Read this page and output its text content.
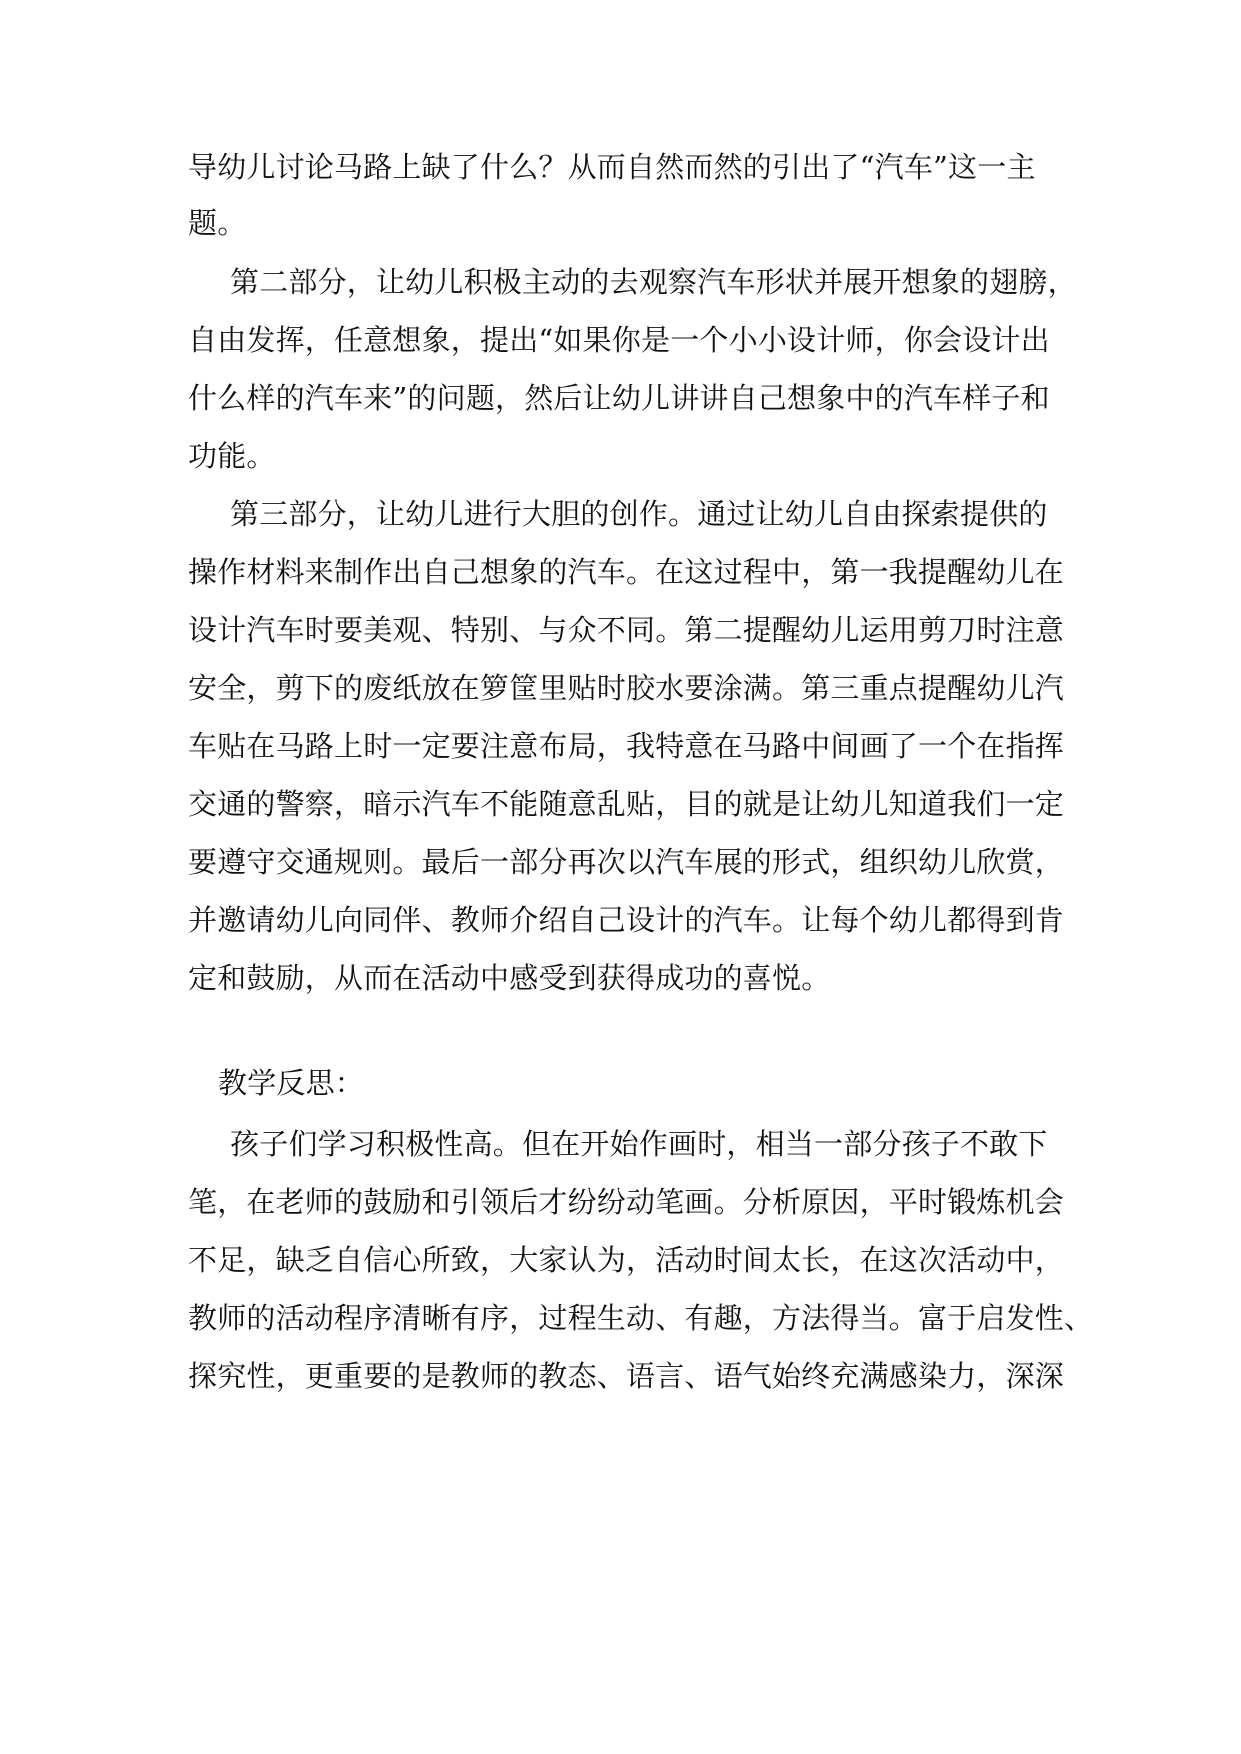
导幼儿讨论马路上缺了什么？从而自然而然的引出了“汽车”这一主
题。
第二部分，让幼儿积极主动的去观察汽车形状并展开想象的翅膀，
自由发挥，任意想象，提出“如果你是一个小小设计师，你会设计出
什么样的汽车来”的问题，然后让幼儿讲讲自己想象中的汽车样子和
功能。
第三部分，让幼儿进行大胆的创作。通过让幼儿自由探索提供的
操作材料来制作出自己想象的汽车。在这过程中，第一我提醒幼儿在
设计汽车时要美观、特别、与众不同。第二提醒幼儿运用剪刀时注意
安全，剪下的废纸放在箩筐里贴时胶水要涂满。第三重点提醒幼儿汽
车贴在马路上时一定要注意布局，我特意在马路中间画了一个在指挥
交通的警察，暗示汽车不能随意乱贴，目的就是让幼儿知道我们一定
要遵守交通规则。最后一部分再次以汽车展的形式，组织幼儿欣赏，
并邀请幼儿向同伴、教师介绍自己设计的汽车。让每个幼儿都得到肯
定和鼓励，从而在活动中感受到获得成功的喜悦。
教学反思：
孩子们学习积极性高。但在开始作画时，相当一部分孩子不敢下
笔，在老师的鼓励和引领后才纷纷动笔画。分析原因，平时锻炼机会
不足，缺乏自信心所致，大家认为，活动时间太长，在这次活动中，
教师的活动程序清晰有序，过程生动、有趣，方法得当。富于启发性、
探究性，更重要的是教师的教态、语言、语气始终充满感染力，深深
